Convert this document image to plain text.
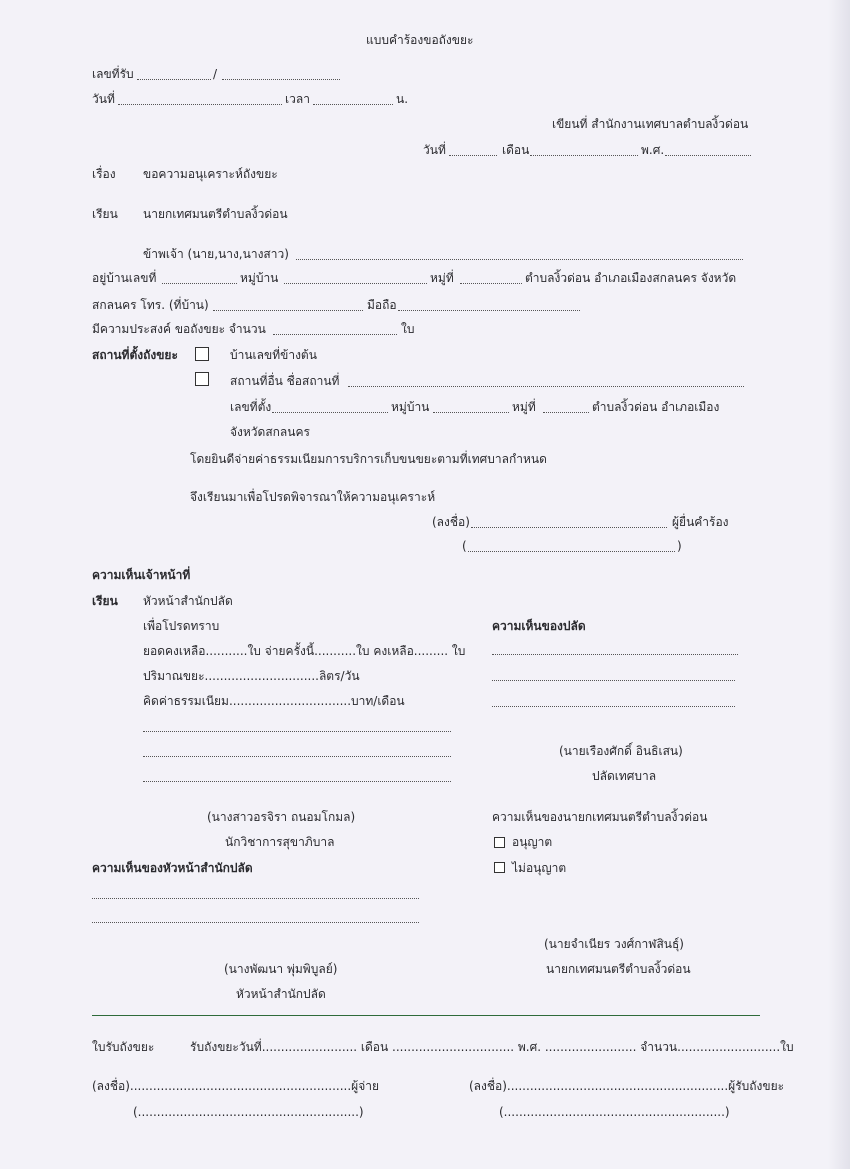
แบบคำร้องขอถังขยะ
เลขที่รับ	/
วันที่	เวลา	น.
เขียนที่ สำนักงานเทศบาลตำบลงิ้วด่อน
วันที่	เดือน	พ.ศ.
เรื่อง ขอความอนุเคราะห์ถังขยะ
เรียน นายกเทศมนตรีตำบลงิ้วด่อน
ข้าพเจ้า (นาย,นาง,นางสาว)
อยู่บ้านเลขที่	หมู่บ้าน	หมู่ที่	ตำบลงิ้วด่อน อำเภอเมืองสกลนคร จังหวัด
สกลนคร โทร. (ที่บ้าน)	มือถือ
มีความประสงค์ ขอถังขยะ จำนวน	ใบ
สถานที่ตั้งถังขยะ	บ้านเลขที่ข้างต้น
สถานที่อื่น ชื่อสถานที่
เลขที่ตั้ง	หมู่บ้าน	หมู่ที่	ตำบลงิ้วด่อน อำเภอเมือง
จังหวัดสกลนคร
โดยยินดีจ่ายค่าธรรมเนียมการบริการเก็บขนขยะตามที่เทศบาลกำหนด
จึงเรียนมาเพื่อโปรดพิจารณาให้ความอนุเคราะห์
(ลงชื่อ)	ผู้ยื่นคำร้อง
(	)
ความเห็นเจ้าหน้าที่
เรียน หัวหน้าสำนักปลัด
เพื่อโปรดทราบ	ความเห็นของปลัด
ยอดคงเหลือ...........ใบ จ่ายครั้งนี้...........ใบ คงเหลือ......... ใบ
ปริมาณขยะ..............................ลิตร/วัน
คิดค่าธรรมเนียม................................บาท/เดือน
(นายเรืองศักดิ์ อินธิเสน)
ปลัดเทศบาล
(นางสาวอรจิรา ถนอมโกมล)	ความเห็นของนายกเทศมนตรีตำบลงิ้วด่อน
นักวิชาการสุขาภิบาล	อนุญาต
ความเห็นของหัวหน้าสำนักปลัด	ไม่อนุญาต
(นายจำเนียร วงศ์กาฬสินธุ์)
นายกเทศมนตรีตำบลงิ้วด่อน
(นางพัฒนา พุ่มพิบูลย์)
หัวหน้าสำนักปลัด
ใบรับถังขยะ	รับถังขยะวันที่......................... เดือน ................................ พ.ศ. ........................ จำนวน...........................ใบ
(ลงชื่อ)..........................................................ผู้จ่าย	(ลงชื่อ)..........................................................ผู้รับถังขยะ
(..........................................................)	(..........................................................)
